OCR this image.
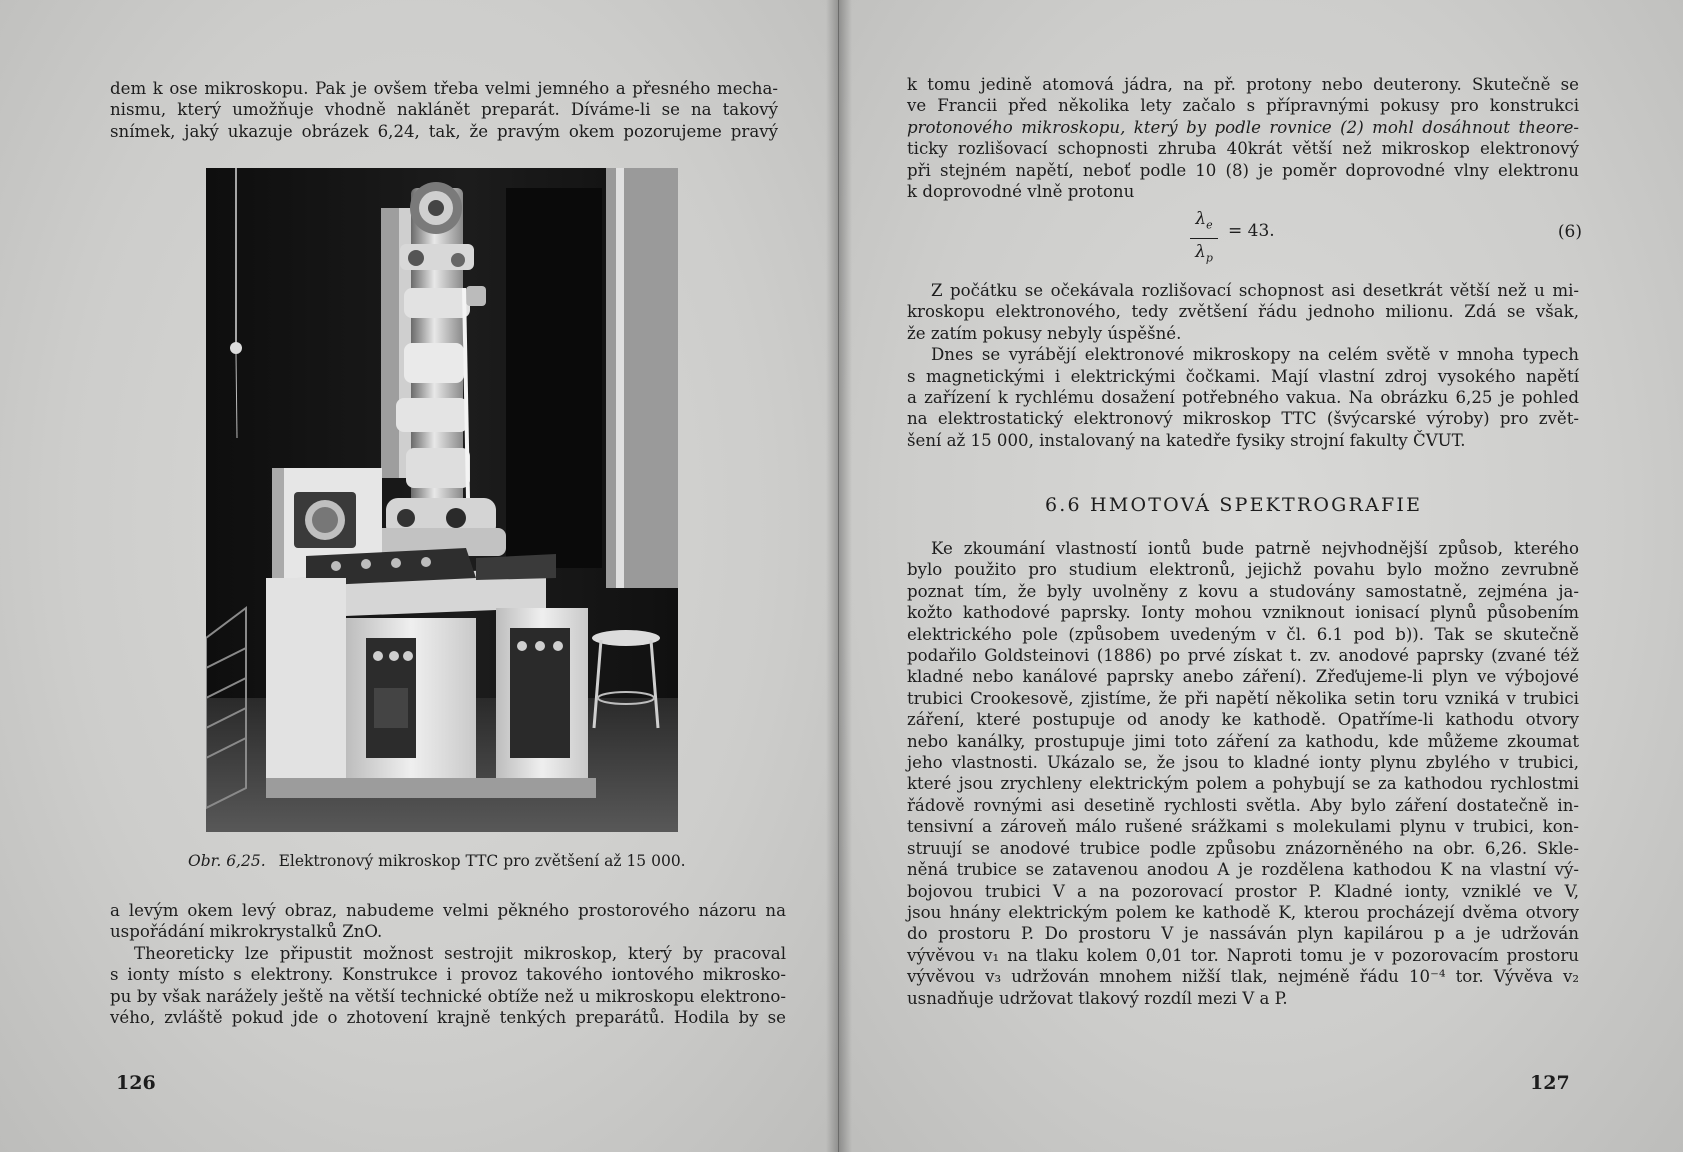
dem k ose mikroskopu. Pak je ovšem třeba velmi jemného a přesného mecha-
nismu, který umožňuje vhodně naklánět preparát. Díváme-li se na takový
snímek, jaký ukazuje obrázek 6,24, tak, že pravým okem pozorujeme pravý
Obr. 6,25. Elektronový mikroskop TTC pro zvětšení až 15 000.
a levým okem levý obraz, nabudeme velmi pěkného prostorového názoru na
uspořádání mikrokrystalků ZnO.
Theoreticky lze připustit možnost sestrojit mikroskop, který by pracoval
s ionty místo s elektrony. Konstrukce i provoz takového iontového mikrosko-
pu by však narážely ještě na větší technické obtíže než u mikroskopu elektrono-
vého, zvláště pokud jde o zhotovení krajně tenkých preparátů. Hodila by se
126
k tomu jedině atomová jádra, na př. protony nebo deuterony. Skutečně se
ve Francii před několika lety začalo s přípravnými pokusy pro konstrukci
protonového mikroskopu, který by podle rovnice (2) mohl dosáhnout theore-
ticky rozlišovací schopnosti zhruba 40krát větší než mikroskop elektronový
při stejném napětí, neboť podle 10 (8) je poměr doprovodné vlny elektronu
k doprovodné vlně protonu
$\lambda_e$
$\lambda_p$
= 43.	(6)
Z počátku se očekávala rozlišovací schopnost asi desetkrát větší než u mi-
kroskopu elektronového, tedy zvětšení řádu jednoho milionu. Zdá se však,
že zatím pokusy nebyly úspěšné.
Dnes se vyrábějí elektronové mikroskopy na celém světě v mnoha typech
s magnetickými i elektrickými čočkami. Mají vlastní zdroj vysokého napětí
a zařízení k rychlému dosažení potřebného vakua. Na obrázku 6,25 je pohled
na elektrostatický elektronový mikroskop TTC (švýcarské výroby) pro zvět-
šení až 15 000, instalovaný na katedře fysiky strojní fakulty ČVUT.
6.6 HMOTOVÁ SPEKTROGRAFIE
Ke zkoumání vlastností iontů bude patrně nejvhodnější způsob, kterého
bylo použito pro studium elektronů, jejichž povahu bylo možno zevrubně
poznat tím, že byly uvolněny z kovu a studovány samostatně, zejména ja-
kožto kathodové paprsky. Ionty mohou vzniknout ionisací plynů působením
elektrického pole (způsobem uvedeným v čl. 6.1 pod b)). Tak se skutečně
podařilo Goldsteinovi (1886) po prvé získat t. zv. anodové paprsky (zvané též
kladné nebo kanálové paprsky anebo záření). Zřeďujeme-li plyn ve výbojové
trubici Crookesově, zjistíme, že při napětí několika setin toru vzniká v trubici
záření, které postupuje od anody ke kathodě. Opatříme-li kathodu otvory
nebo kanálky, prostupuje jimi toto záření za kathodu, kde můžeme zkoumat
jeho vlastnosti. Ukázalo se, že jsou to kladné ionty plynu zbylého v trubici,
které jsou zrychleny elektrickým polem a pohybují se za kathodou rychlostmi
řádově rovnými asi desetině rychlosti světla. Aby bylo záření dostatečně in-
tensivní a zároveň málo rušené srážkami s molekulami plynu v trubici, kon-
struují se anodové trubice podle způsobu znázorněného na obr. 6,26. Skle-
něná trubice se zatavenou anodou A je rozdělena kathodou K na vlastní vý-
bojovou trubici V a na pozorovací prostor P. Kladné ionty, vzniklé ve V,
jsou hnány elektrickým polem ke kathodě K, kterou procházejí dvěma otvory
do prostoru P. Do prostoru V je nassáván plyn kapilárou p a je udržován
vývěvou v₁ na tlaku kolem 0,01 tor. Naproti tomu je v pozorovacím prostoru
vývěvou v₃ udržován mnohem nižší tlak, nejméně řádu 10⁻⁴ tor. Vývěva v₂
usnadňuje udržovat tlakový rozdíl mezi V a P.
127
